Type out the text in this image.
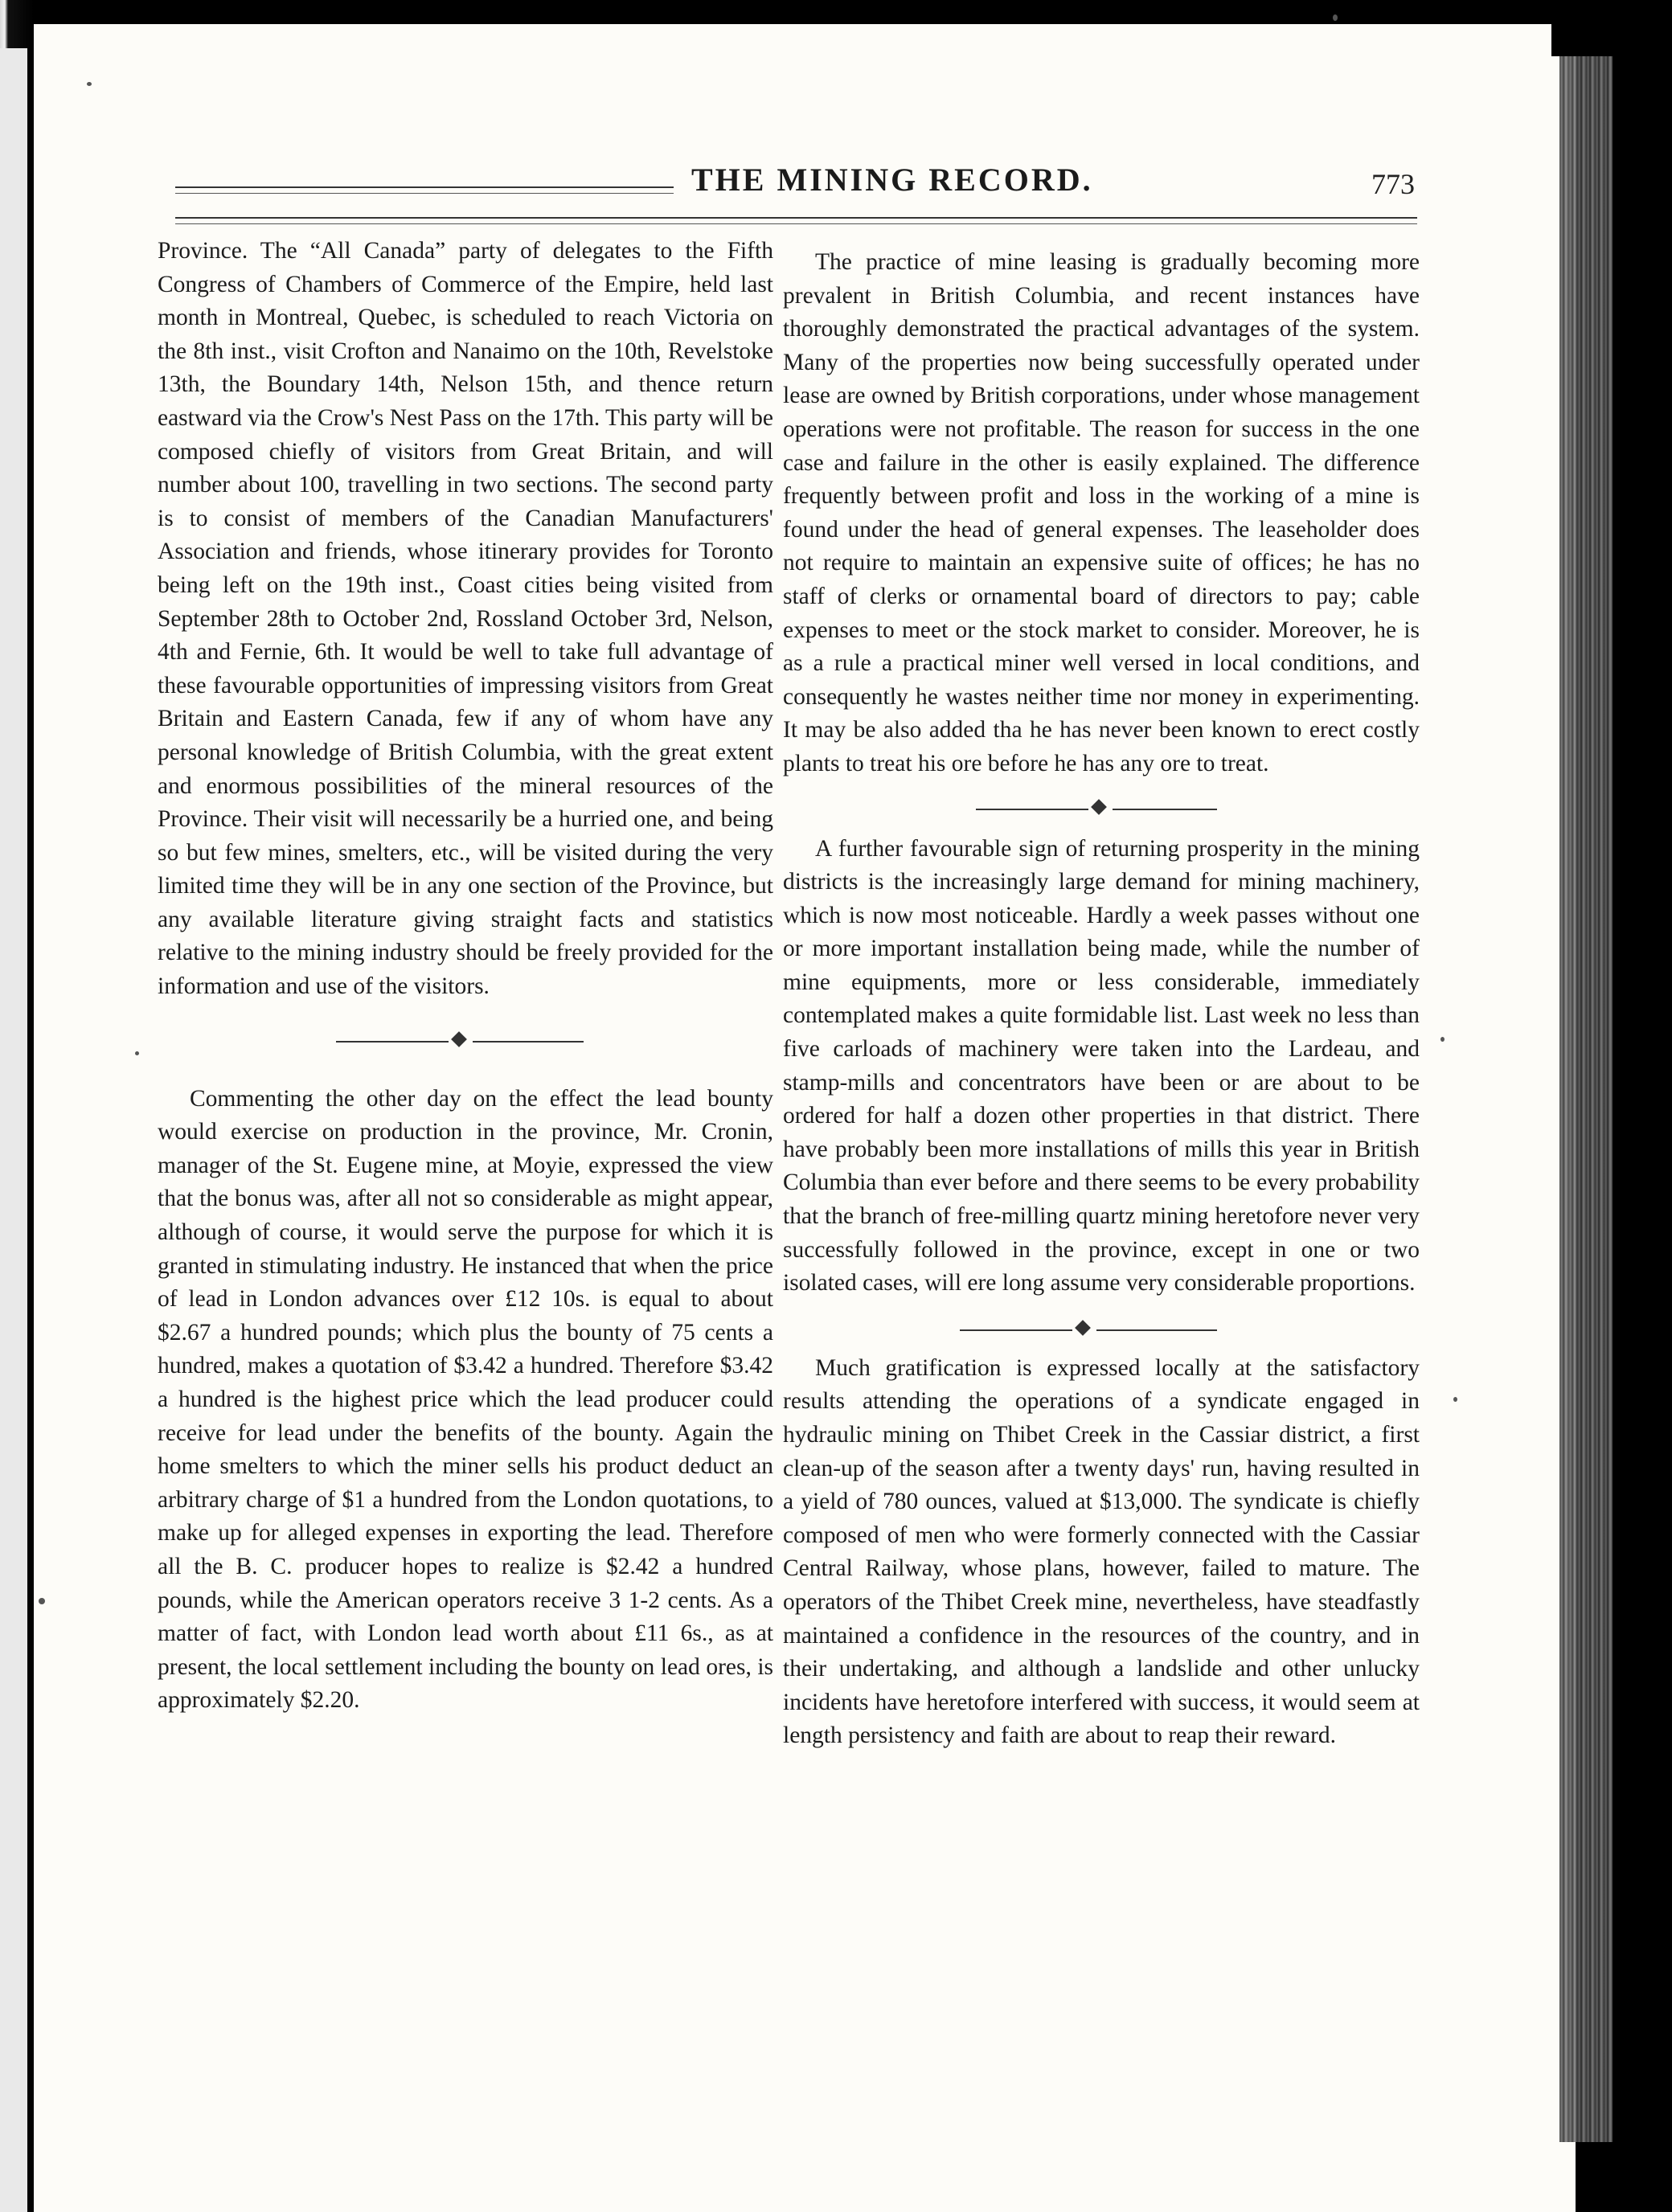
THE MINING RECORD.	773

Province. The “All Canada” party of delegates to the Fifth Congress of Chambers of Commerce of the Empire, held last month in Montreal, Quebec, is scheduled to reach Victoria on the 8th inst., visit Crofton and Nanaimo on the 10th, Revelstoke 13th, the Boundary 14th, Nelson 15th, and thence return eastward via the Crow's Nest Pass on the 17th. This party will be composed chiefly of visitors from Great Britain, and will number about 100, travelling in two sections. The second party is to consist of members of the Canadian Manufacturers' Association and friends, whose itinerary provides for Toronto being left on the 19th inst., Coast cities being visited from September 28th to October 2nd, Rossland October 3rd, Nelson, 4th and Fernie, 6th. It would be well to take full advantage of these favourable opportunities of impressing visitors from Great Britain and Eastern Canada, few if any of whom have any personal knowledge of British Columbia, with the great extent and enormous possibilities of the mineral resources of the Province. Their visit will necessarily be a hurried one, and being so but few mines, smelters, etc., will be visited during the very limited time they will be in any one section of the Province, but any available literature giving straight facts and statistics relative to the mining industry should be freely provided for the information and use of the visitors.

Commenting the other day on the effect the lead bounty would exercise on production in the province, Mr. Cronin, manager of the St. Eugene mine, at Moyie, expressed the view that the bonus was, after all not so considerable as might appear, although of course, it would serve the purpose for which it is granted in stimulating industry. He instanced that when the price of lead in London advances over £12 10s. is equal to about $2.67 a hundred pounds; which plus the bounty of 75 cents a hundred, makes a quotation of $3.42 a hundred. Therefore $3.42 a hundred is the highest price which the lead producer could receive for lead under the benefits of the bounty. Again the home smelters to which the miner sells his product deduct an arbitrary charge of $1 a hundred from the London quotations, to make up for alleged expenses in exporting the lead. Therefore all the B. C. producer hopes to realize is $2.42 a hundred pounds, while the American operators receive 3 1-2 cents. As a matter of fact, with London lead worth about £11 6s., as at present, the local settlement including the bounty on lead ores, is approximately $2.20.

The practice of mine leasing is gradually becoming more prevalent in British Columbia, and recent instances have thoroughly demonstrated the practical advantages of the system. Many of the properties now being successfully operated under lease are owned by British corporations, under whose management operations were not profitable. The reason for success in the one case and failure in the other is easily explained. The difference frequently between profit and loss in the working of a mine is found under the head of general expenses. The leaseholder does not require to maintain an expensive suite of offices; he has no staff of clerks or ornamental board of directors to pay; cable expenses to meet or the stock market to consider. Moreover, he is as a rule a practical miner well versed in local conditions, and consequently he wastes neither time nor money in experimenting. It may be also added tha he has never been known to erect costly plants to treat his ore before he has any ore to treat.

A further favourable sign of returning prosperity in the mining districts is the increasingly large demand for mining machinery, which is now most noticeable. Hardly a week passes without one or more important installation being made, while the number of mine equipments, more or less considerable, immediately contemplated makes a quite formidable list. Last week no less than five carloads of machinery were taken into the Lardeau, and stamp-mills and concentrators have been or are about to be ordered for half a dozen other properties in that district. There have probably been more installations of mills this year in British Columbia than ever before and there seems to be every probability that the branch of free-milling quartz mining heretofore never very successfully followed in the province, except in one or two isolated cases, will ere long assume very considerable proportions.

Much gratification is expressed locally at the satisfactory results attending the operations of a syndicate engaged in hydraulic mining on Thibet Creek in the Cassiar district, a first clean-up of the season after a twenty days' run, having resulted in a yield of 780 ounces, valued at $13,000. The syndicate is chiefly composed of men who were formerly connected with the Cassiar Central Railway, whose plans, however, failed to mature. The operators of the Thibet Creek mine, nevertheless, have steadfastly maintained a confidence in the resources of the country, and in their undertaking, and although a landslide and other unlucky incidents have heretofore interfered with success, it would seem at length persistency and faith are about to reap their reward.
